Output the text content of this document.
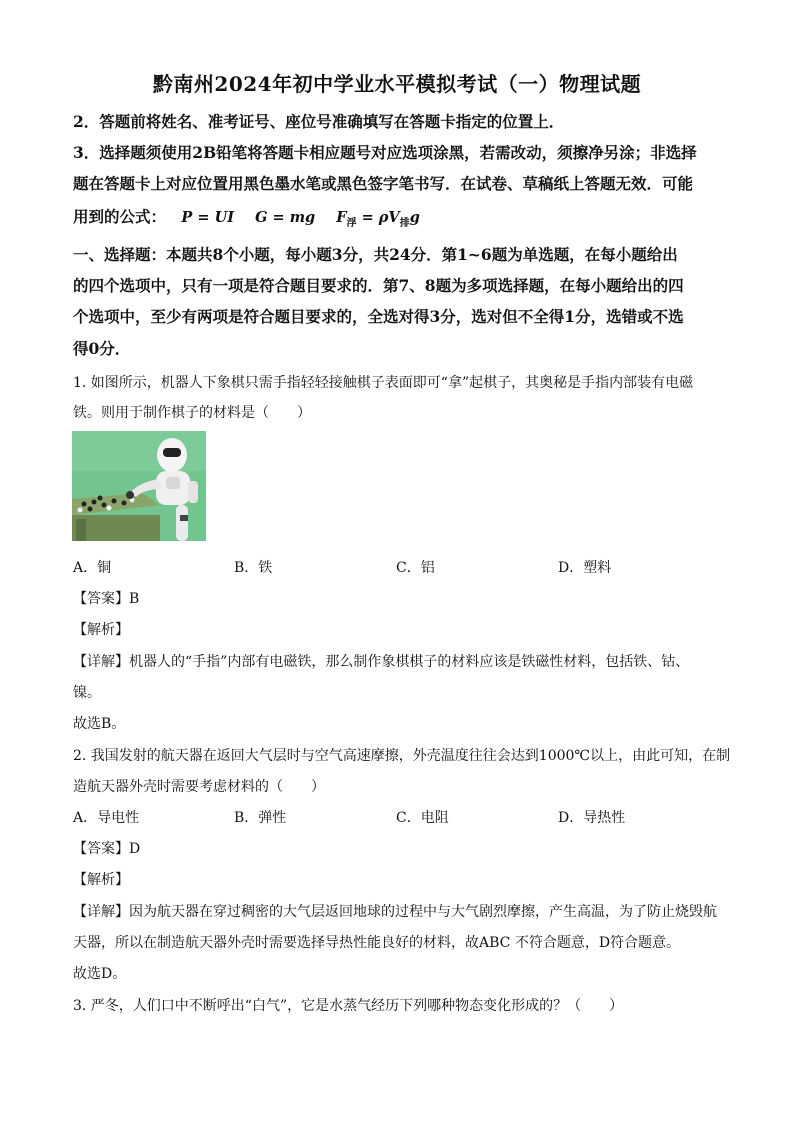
黔南州2024年初中学业水平模拟考试（一）物理试题
2．答题前将姓名、准考证号、座位号准确填写在答题卡指定的位置上．
3．选择题须使用2B铅笔将答题卡相应题号对应选项涂黑，若需改动，须擦净另涂；非选择
题在答题卡上对应位置用黑色墨水笔或黑色签字笔书写．在试卷、草稿纸上答题无效．可能
用到的公式： P = UI G = mg $F_浮 = \rho V_排g$
一、选择题：本题共8个小题，每小题3分，共24分．第1~6题为单选题，在每小题给出
的四个选项中，只有一项是符合题目要求的．第7、8题为多项选择题，在每小题给出的四
个选项中，至少有两项是符合题目要求的，全选对得3分，选对但不全得1分，选错或不选
得0分．
1. 如图所示，机器人下象棋只需手指轻轻接触棋子表面即可“拿”起棋子，其奥秘是手指内部装有电磁
铁。则用于制作棋子的材料是（　　）
A．铜	B．铁	C．铝	D．塑料
【答案】B
【解析】
【详解】机器人的“手指”内部有电磁铁，那么制作象棋棋子的材料应该是铁磁性材料，包括铁、钴、
镍。
故选B。
2. 我国发射的航天器在返回大气层时与空气高速摩擦，外壳温度往往会达到1000℃以上，由此可知，在制
造航天器外壳时需要考虑材料的（　　）
A．导电性	B．弹性	C．电阻	D．导热性
【答案】D
【解析】
【详解】因为航天器在穿过稠密的大气层返回地球的过程中与大气剧烈摩擦，产生高温，为了防止烧毁航
天器，所以在制造航天器外壳时需要选择导热性能良好的材料，故ABC 不符合题意，D符合题意。
故选D。
3. 严冬，人们口中不断呼出“白气”，它是水蒸气经历下列哪种物态变化形成的？（　　）
